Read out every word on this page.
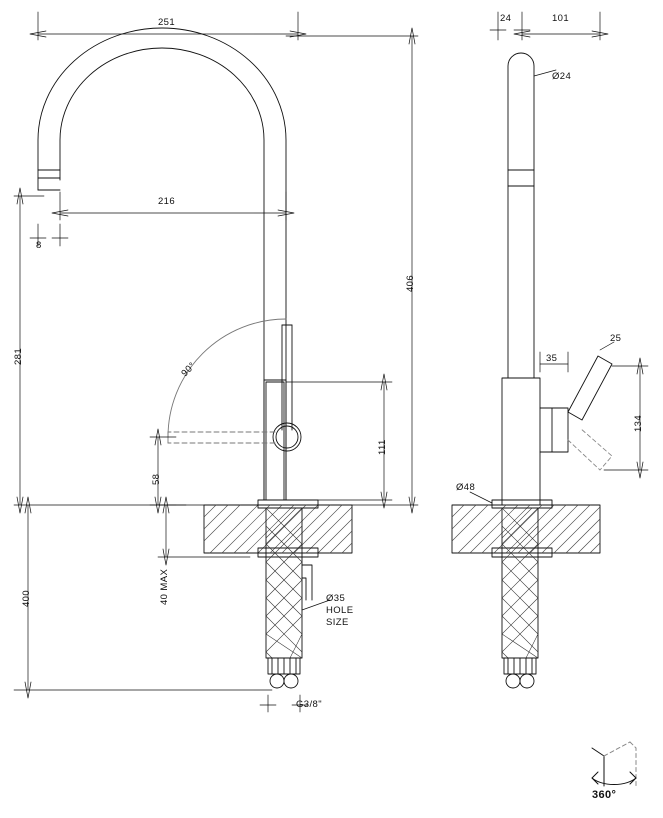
251
216
8
406
281
111
58
90°
400	40 MAX	Ø35
HOLE
SIZE
G3/8"
24	101
Ø24
35
25
134
Ø48
360°
